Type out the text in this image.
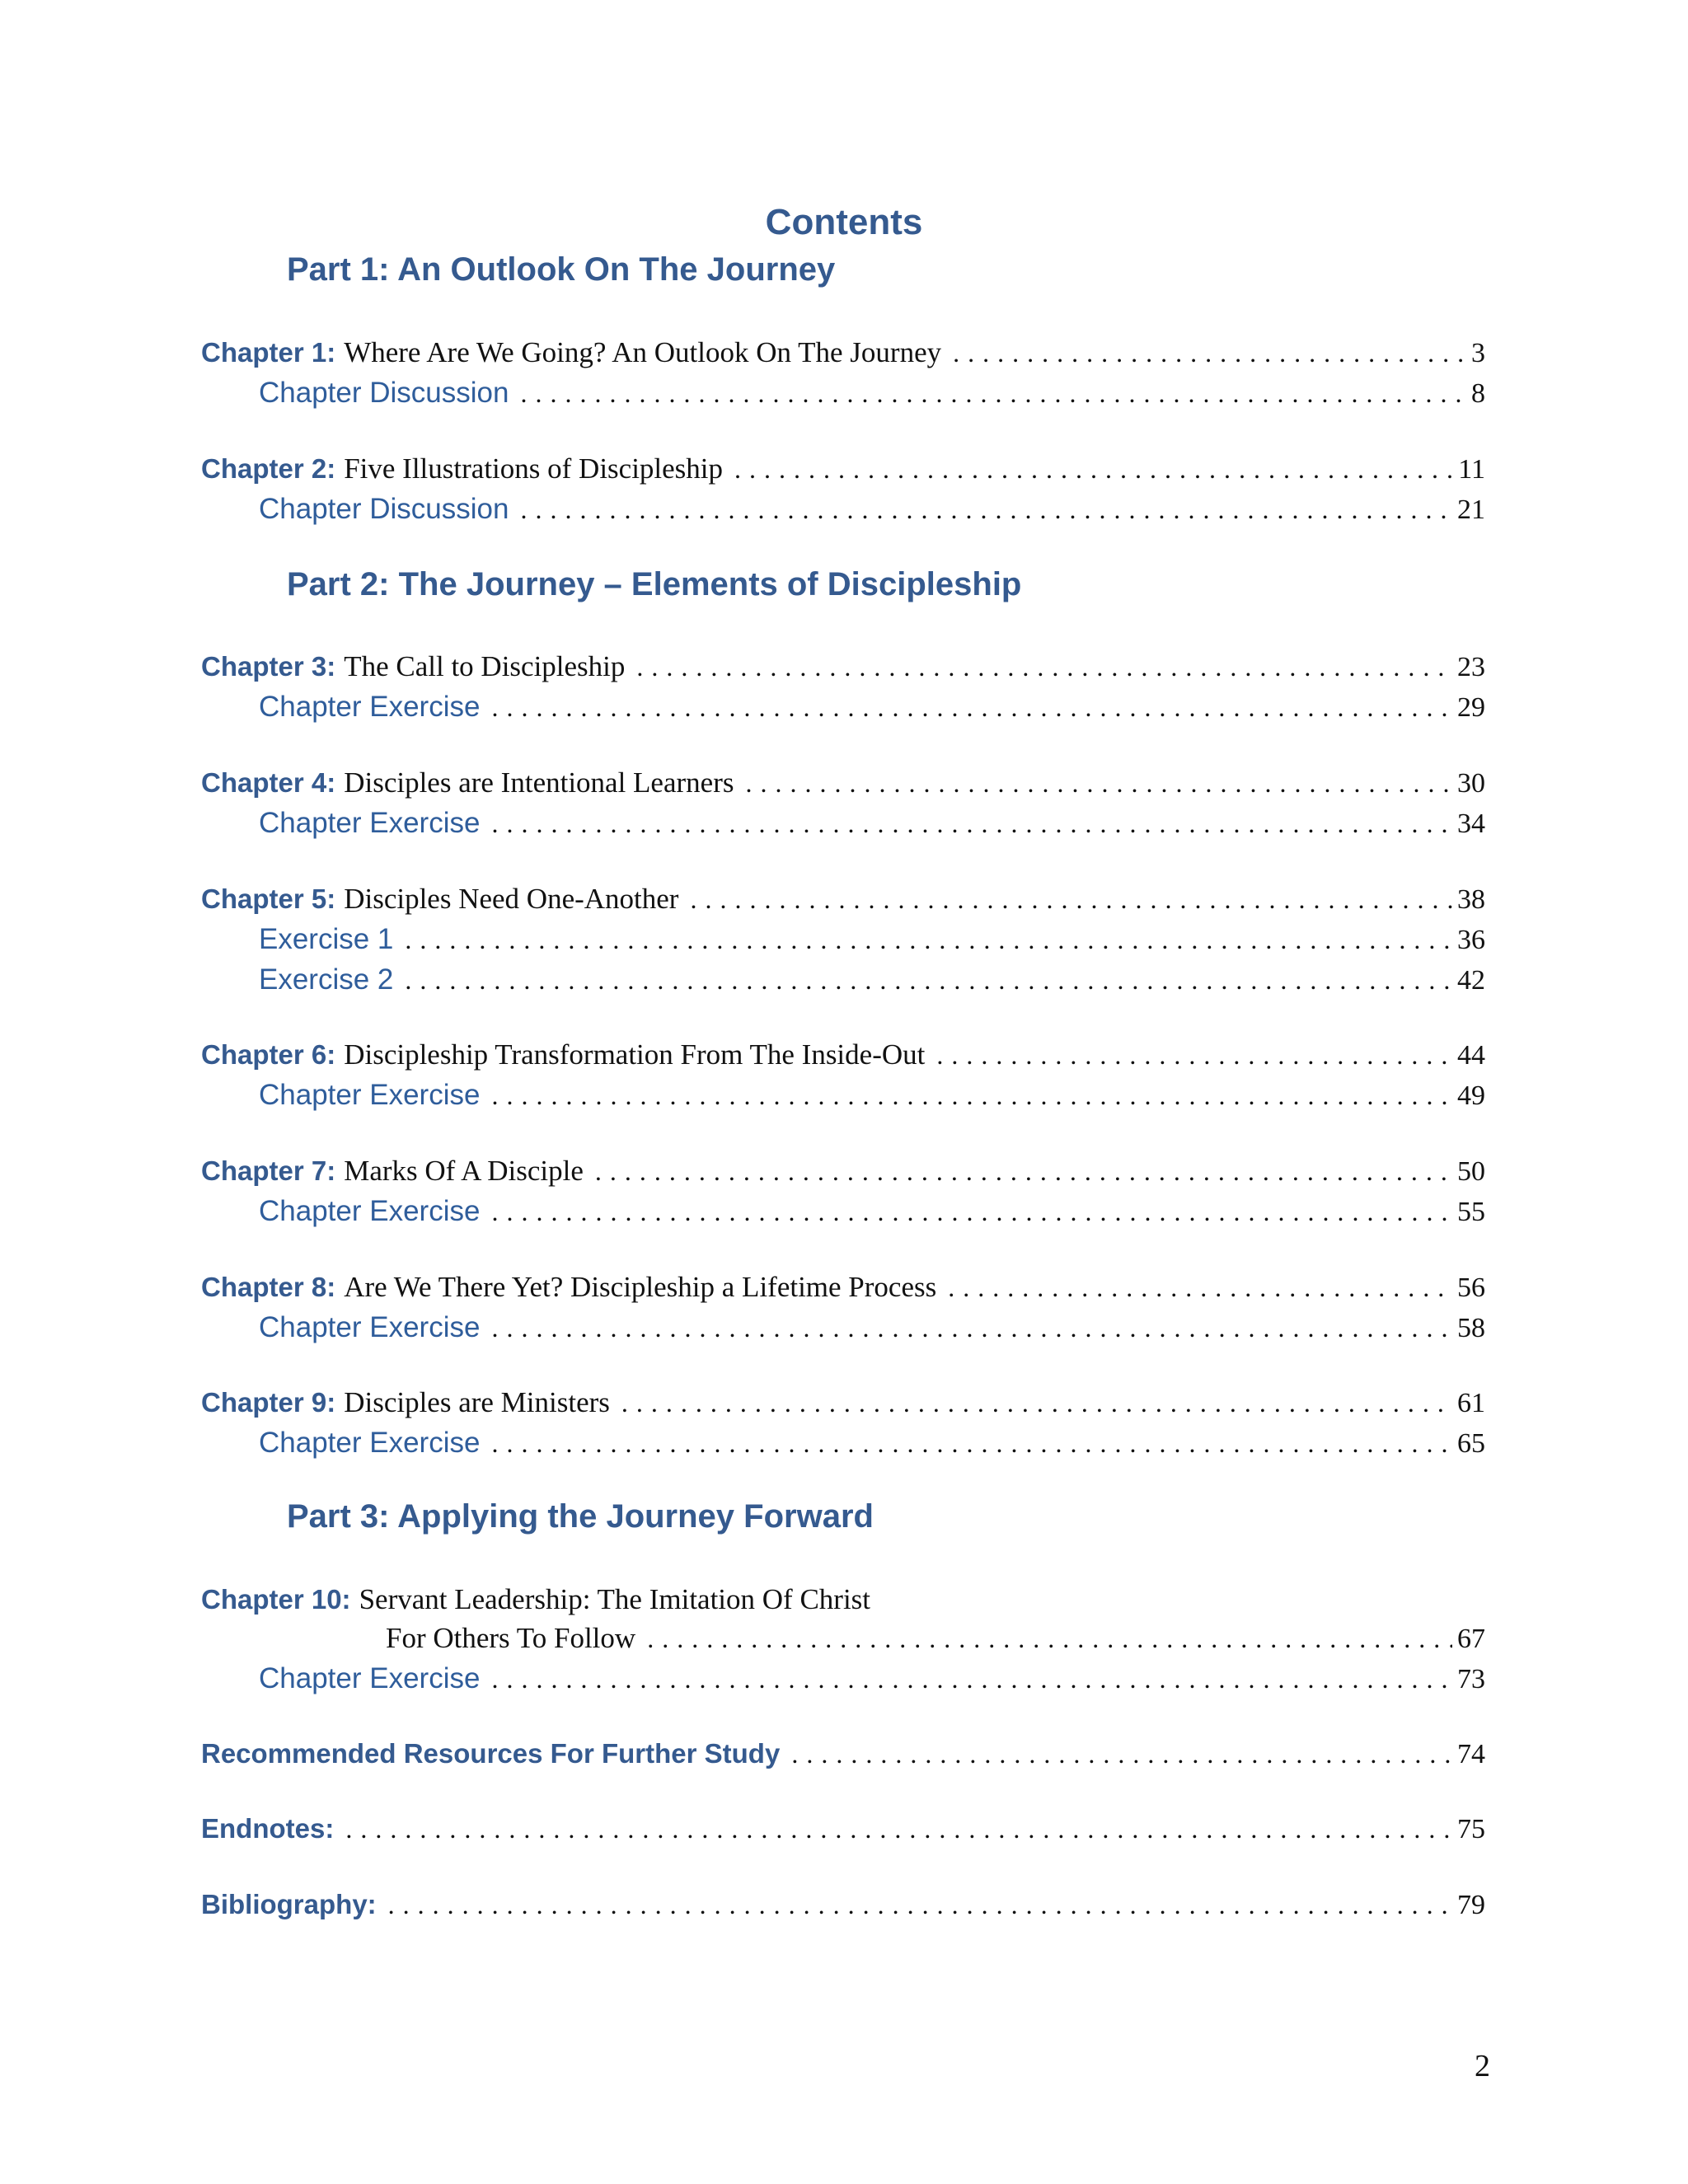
Contents
Part 1: An Outlook On The Journey
Chapter 1: Where Are We Going? An Outlook On The Journey . . .	3
Chapter Discussion . . .	8
Chapter 2: Five Illustrations of Discipleship . . .	11
Chapter Discussion . . .	21
Part 2: The Journey – Elements of Discipleship
Chapter 3: The Call to Discipleship . . .	23
Chapter Exercise . . .	29
Chapter 4: Disciples are Intentional Learners . . .	30
Chapter Exercise . . .	34
Chapter 5: Disciples Need One-Another . . .	38
Exercise 1 . . .	36
Exercise 2 . . .	42
Chapter 6: Discipleship Transformation From The Inside-Out . . .	44
Chapter Exercise . . .	49
Chapter 7: Marks Of A Disciple . . .	50
Chapter Exercise . . .	55
Chapter 8: Are We There Yet? Discipleship a Lifetime Process . . .	56
Chapter Exercise . . .	58
Chapter 9: Disciples are Ministers . . .	61
Chapter Exercise . . .	65
Part 3: Applying the Journey Forward
Chapter 10: Servant Leadership: The Imitation Of Christ
For Others To Follow . . .	67
Chapter Exercise . . .	73
Recommended Resources For Further Study . . .	74
Endnotes: . . .	75
Bibliography: . . .	79
2
